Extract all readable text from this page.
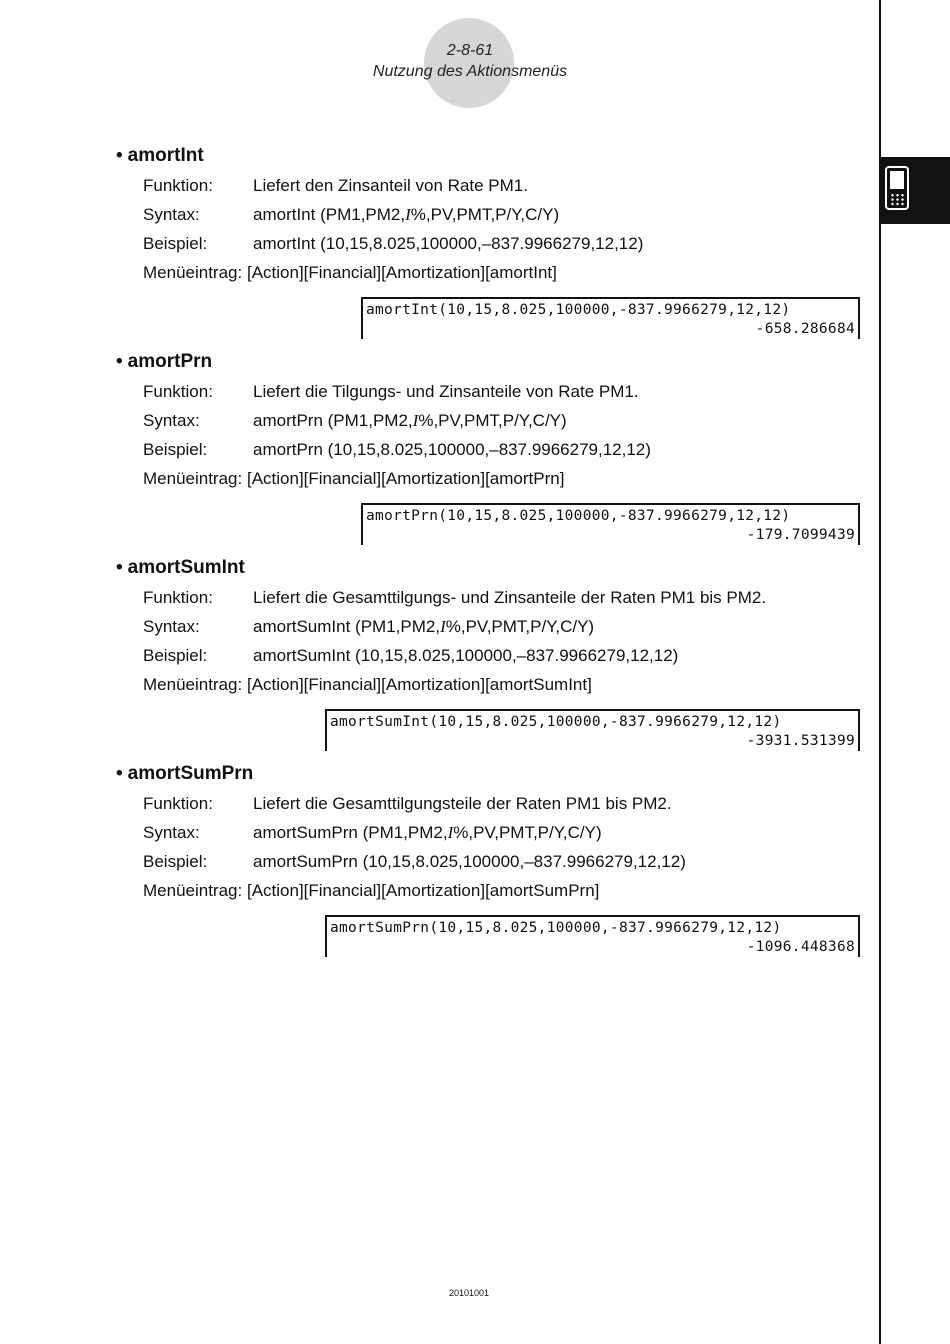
2-8-61
Nutzung des Aktionsmenüs
• amortInt
Funktion: Liefert den Zinsanteil von Rate PM1.
Syntax:	amortInt (PM1,PM2,I%,PV,PMT,P/Y,C/Y)
Beispiel:	amortInt (10,15,8.025,100000,–837.9966279,12,12)
Menüeintrag: [Action][Financial][Amortization][amortInt]
amortInt(10,15,8.025,100000,-837.9966279,12,12)
-658.286684
• amortPrn
Funktion: Liefert die Tilgungs- und Zinsanteile von Rate PM1.
Syntax:	amortPrn (PM1,PM2,I%,PV,PMT,P/Y,C/Y)
Beispiel:	amortPrn (10,15,8.025,100000,–837.9966279,12,12)
Menüeintrag: [Action][Financial][Amortization][amortPrn]
amortPrn(10,15,8.025,100000,-837.9966279,12,12)
-179.7099439
• amortSumInt
Funktion: Liefert die Gesamttilgungs- und Zinsanteile der Raten PM1 bis PM2.
Syntax:	amortSumInt (PM1,PM2,I%,PV,PMT,P/Y,C/Y)
Beispiel:	amortSumInt (10,15,8.025,100000,–837.9966279,12,12)
Menüeintrag: [Action][Financial][Amortization][amortSumInt]
amortSumInt(10,15,8.025,100000,-837.9966279,12,12)
-3931.531399
• amortSumPrn
Funktion: Liefert die Gesamttilgungsteile der Raten PM1 bis PM2.
Syntax:	amortSumPrn (PM1,PM2,I%,PV,PMT,P/Y,C/Y)
Beispiel:	amortSumPrn (10,15,8.025,100000,–837.9966279,12,12)
Menüeintrag: [Action][Financial][Amortization][amortSumPrn]
amortSumPrn(10,15,8.025,100000,-837.9966279,12,12)
-1096.448368
20101001
